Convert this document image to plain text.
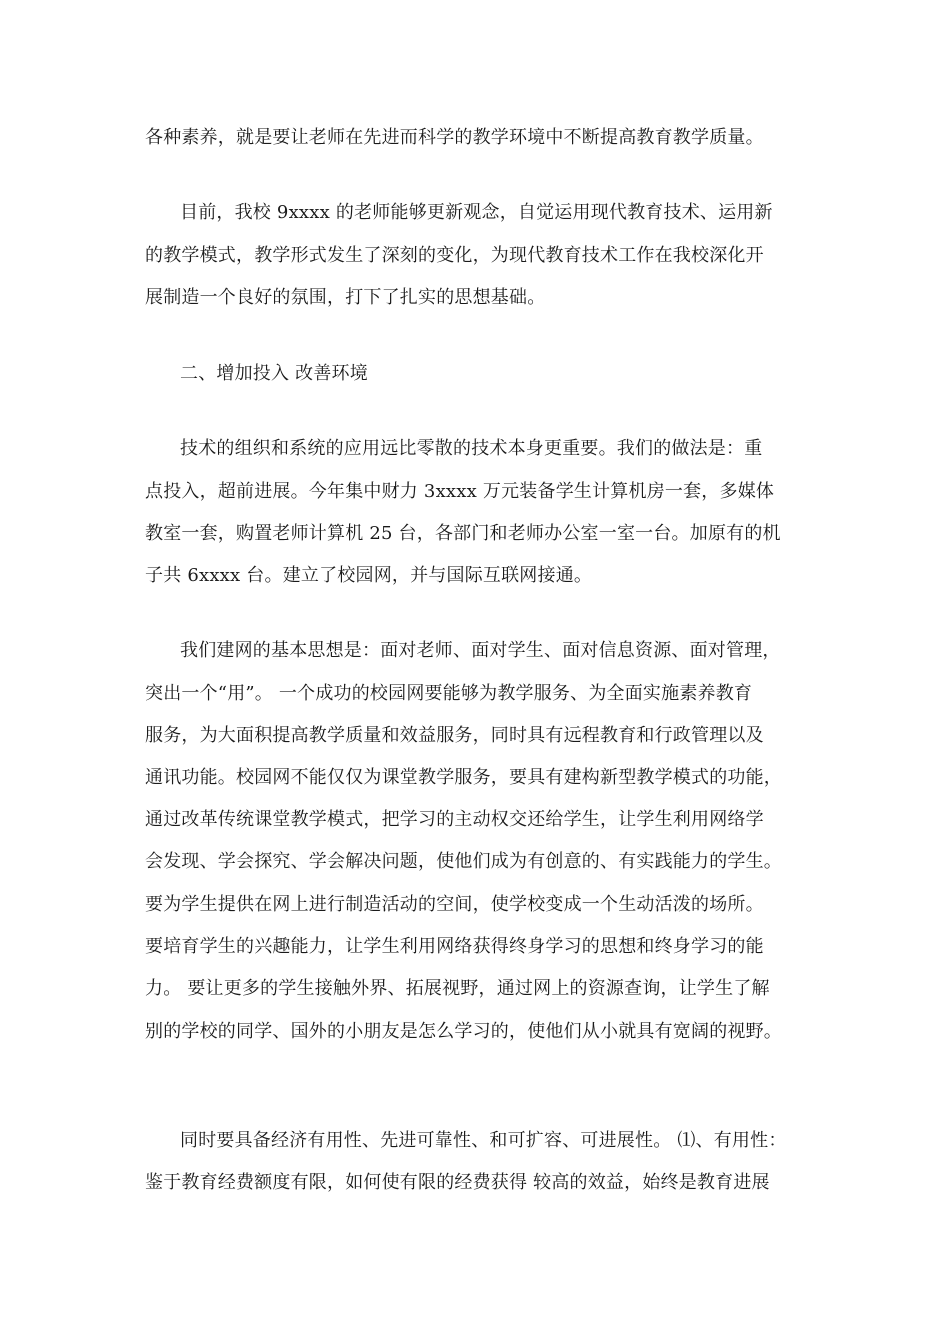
各种素养，就是要让老师在先进而科学的教学环境中不断提高教育教学质量。
目前，我校 9xxxx 的老师能够更新观念，自觉运用现代教育技术、运用新
的教学模式，教学形式发生了深刻的变化，为现代教育技术工作在我校深化开
展制造一个良好的氛围，打下了扎实的思想基础。
二、增加投入 改善环境
技术的组织和系统的应用远比零散的技术本身更重要。我们的做法是：重
点投入，超前进展。今年集中财力 3xxxx 万元装备学生计算机房一套，多媒体
教室一套，购置老师计算机 25 台，各部门和老师办公室一室一台。加原有的机
子共 6xxxx 台。建立了校园网，并与国际互联网接通。
我们建网的基本思想是：面对老师、面对学生、面对信息资源、面对管理，
突出一个“用”。 一个成功的校园网要能够为教学服务、为全面实施素养教育
服务，为大面积提高教学质量和效益服务，同时具有远程教育和行政管理以及
通讯功能。校园网不能仅仅为课堂教学服务，要具有建构新型教学模式的功能，
通过改革传统课堂教学模式，把学习的主动权交还给学生，让学生利用网络学
会发现、学会探究、学会解决问题，使他们成为有创意的、有实践能力的学生。
要为学生提供在网上进行制造活动的空间，使学校变成一个生动活泼的场所。
要培育学生的兴趣能力，让学生利用网络获得终身学习的思想和终身学习的能
力。 要让更多的学生接触外界、拓展视野，通过网上的资源查询，让学生了解
别的学校的同学、国外的小朋友是怎么学习的，使他们从小就具有宽阔的视野。
同时要具备经济有用性、先进可靠性、和可扩容、可进展性。 ⑴、有用性：
鉴于教育经费额度有限，如何使有限的经费获得 较高的效益，始终是教育进展
